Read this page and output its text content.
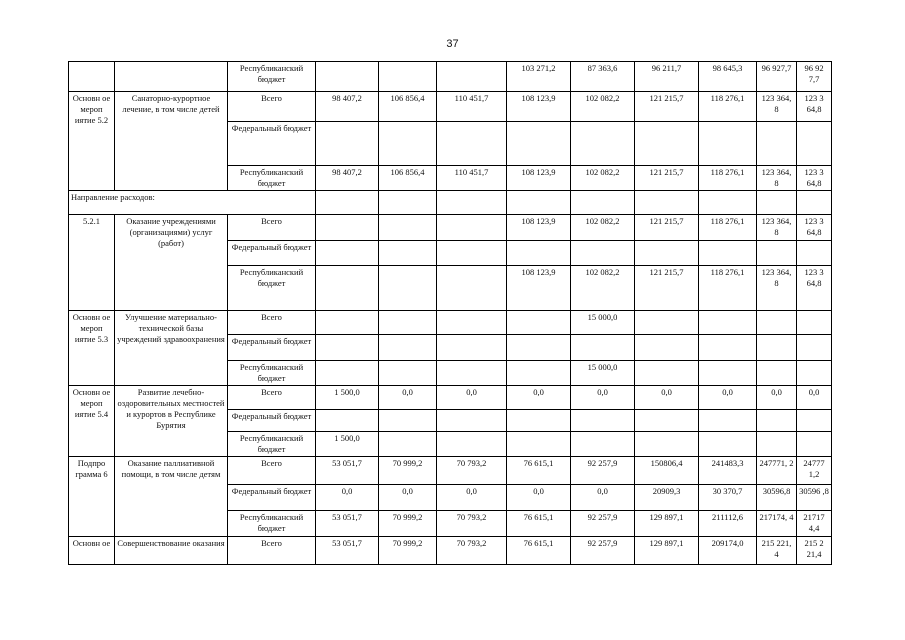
37
		Республиканский бюджет				103 271,2	87 363,6	96 211,7	98 645,3	96 927,7	96 92 7,7
Основн ое мероп иятие 5.2	Санаторно-курортное лечение, в том числе детей	Всего	98 407,2	106 856,4	110 451,7	108 123,9	102 082,2	121 215,7	118 276,1	123 364, 8	123 3 64,8
		Федеральный бюджет									
		Республиканский бюджет	98 407,2	106 856,4	110 451,7	108 123,9	102 082,2	121 215,7	118 276,1	123 364, 8	123 3 64,8
Направление расходов:											
5.2.1	Оказание учреждениями (организациями) услуг (работ)	Всего				108 123,9	102 082,2	121 215,7	118 276,1	123 364, 8	123 3 64,8
		Федеральный бюджет									
		Республиканский бюджет				108 123,9	102 082,2	121 215,7	118 276,1	123 364, 8	123 3 64,8
Основн ое мероп иятие 5.3	Улучшение материально-технической базы учреждений здравоохранения	Всего					15 000,0				
		Федеральный бюджет									
		Республиканский бюджет					15 000,0				
Основн ое мероп иятие 5.4	Развитие лечебно-оздоровительных местностей и курортов в Республике Бурятия	Всего	1 500,0	0,0	0,0	0,0	0,0	0,0	0,0	0,0	0,0
		Федеральный бюджет									
		Республиканский бюджет	1 500,0								
Подпро грамма 6	Оказание паллиативной помощи, в том числе детям	Всего	53 051,7	70 999,2	70 793,2	76 615,1	92 257,9	150806,4	241483,3	247771, 2	24777 1,2
		Федеральный бюджет	0,0	0,0	0,0	0,0	0,0	20909,3	30 370,7	30596,8	30596 ,8
		Республиканский бюджет	53 051,7	70 999,2	70 793,2	76 615,1	92 257,9	129 897,1	211112,6	217174, 4	21717 4,4
Основн ое	Совершенствование оказания	Всего	53 051,7	70 999,2	70 793,2	76 615,1	92 257,9	129 897,1	209174,0	215 221, 4	215 2 21,4
